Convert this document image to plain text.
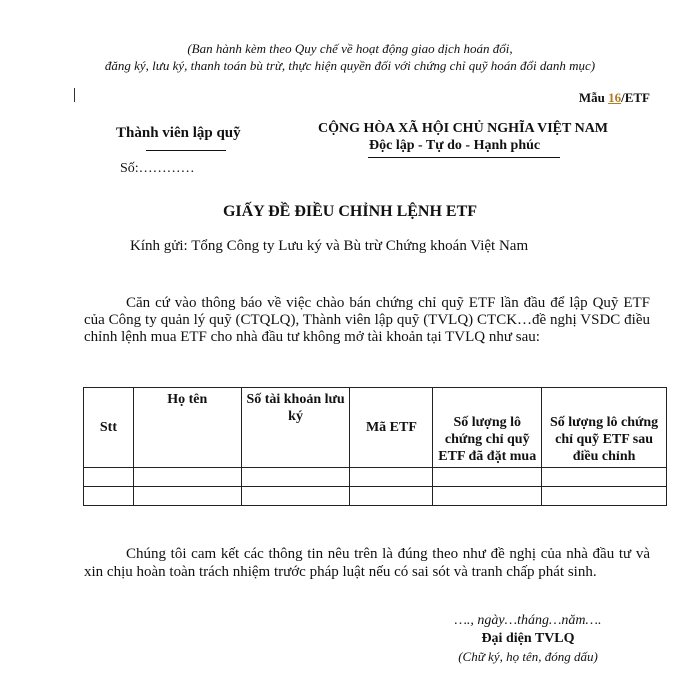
(Ban hành kèm theo Quy chế về hoạt động giao dịch hoán đổi,
đăng ký, lưu ký, thanh toán bù trừ, thực hiện quyền đối với chứng chỉ quỹ hoán đổi danh mục)
Mẫu 16/ETF
Thành viên lập quỹ
Số:…………
CỘNG HÒA XÃ HỘI CHỦ NGHĨA VIỆT NAM
Độc lập - Tự do - Hạnh phúc
GIẤY ĐỀ ĐIỀU CHỈNH LỆNH ETF
Kính gửi: Tổng Công ty Lưu ký và Bù trừ Chứng khoán Việt Nam

Căn cứ vào thông báo về việc chào bán chứng chỉ quỹ ETF lần đầu để lập Quỹ ETF của Công ty quản lý quỹ (CTQLQ), Thành viên lập quỹ (TVLQ) CTCK…đề nghị VSDC điều chỉnh lệnh mua ETF cho nhà đầu tư không mở tài khoản tại TVLQ như sau:

Stt	Họ tên	Số tài khoản lưu ký	Mã ETF	Số lượng lô chứng chỉ quỹ ETF đã đặt mua	Số lượng lô chứng chỉ quỹ ETF sau điều chỉnh

Chúng tôi cam kết các thông tin nêu trên là đúng theo như đề nghị của nhà đầu tư và xin chịu hoàn toàn trách nhiệm trước pháp luật nếu có sai sót và tranh chấp phát sinh.

…., ngày…tháng…năm….
Đại diện TVLQ
(Chữ ký, họ tên, đóng dấu)
